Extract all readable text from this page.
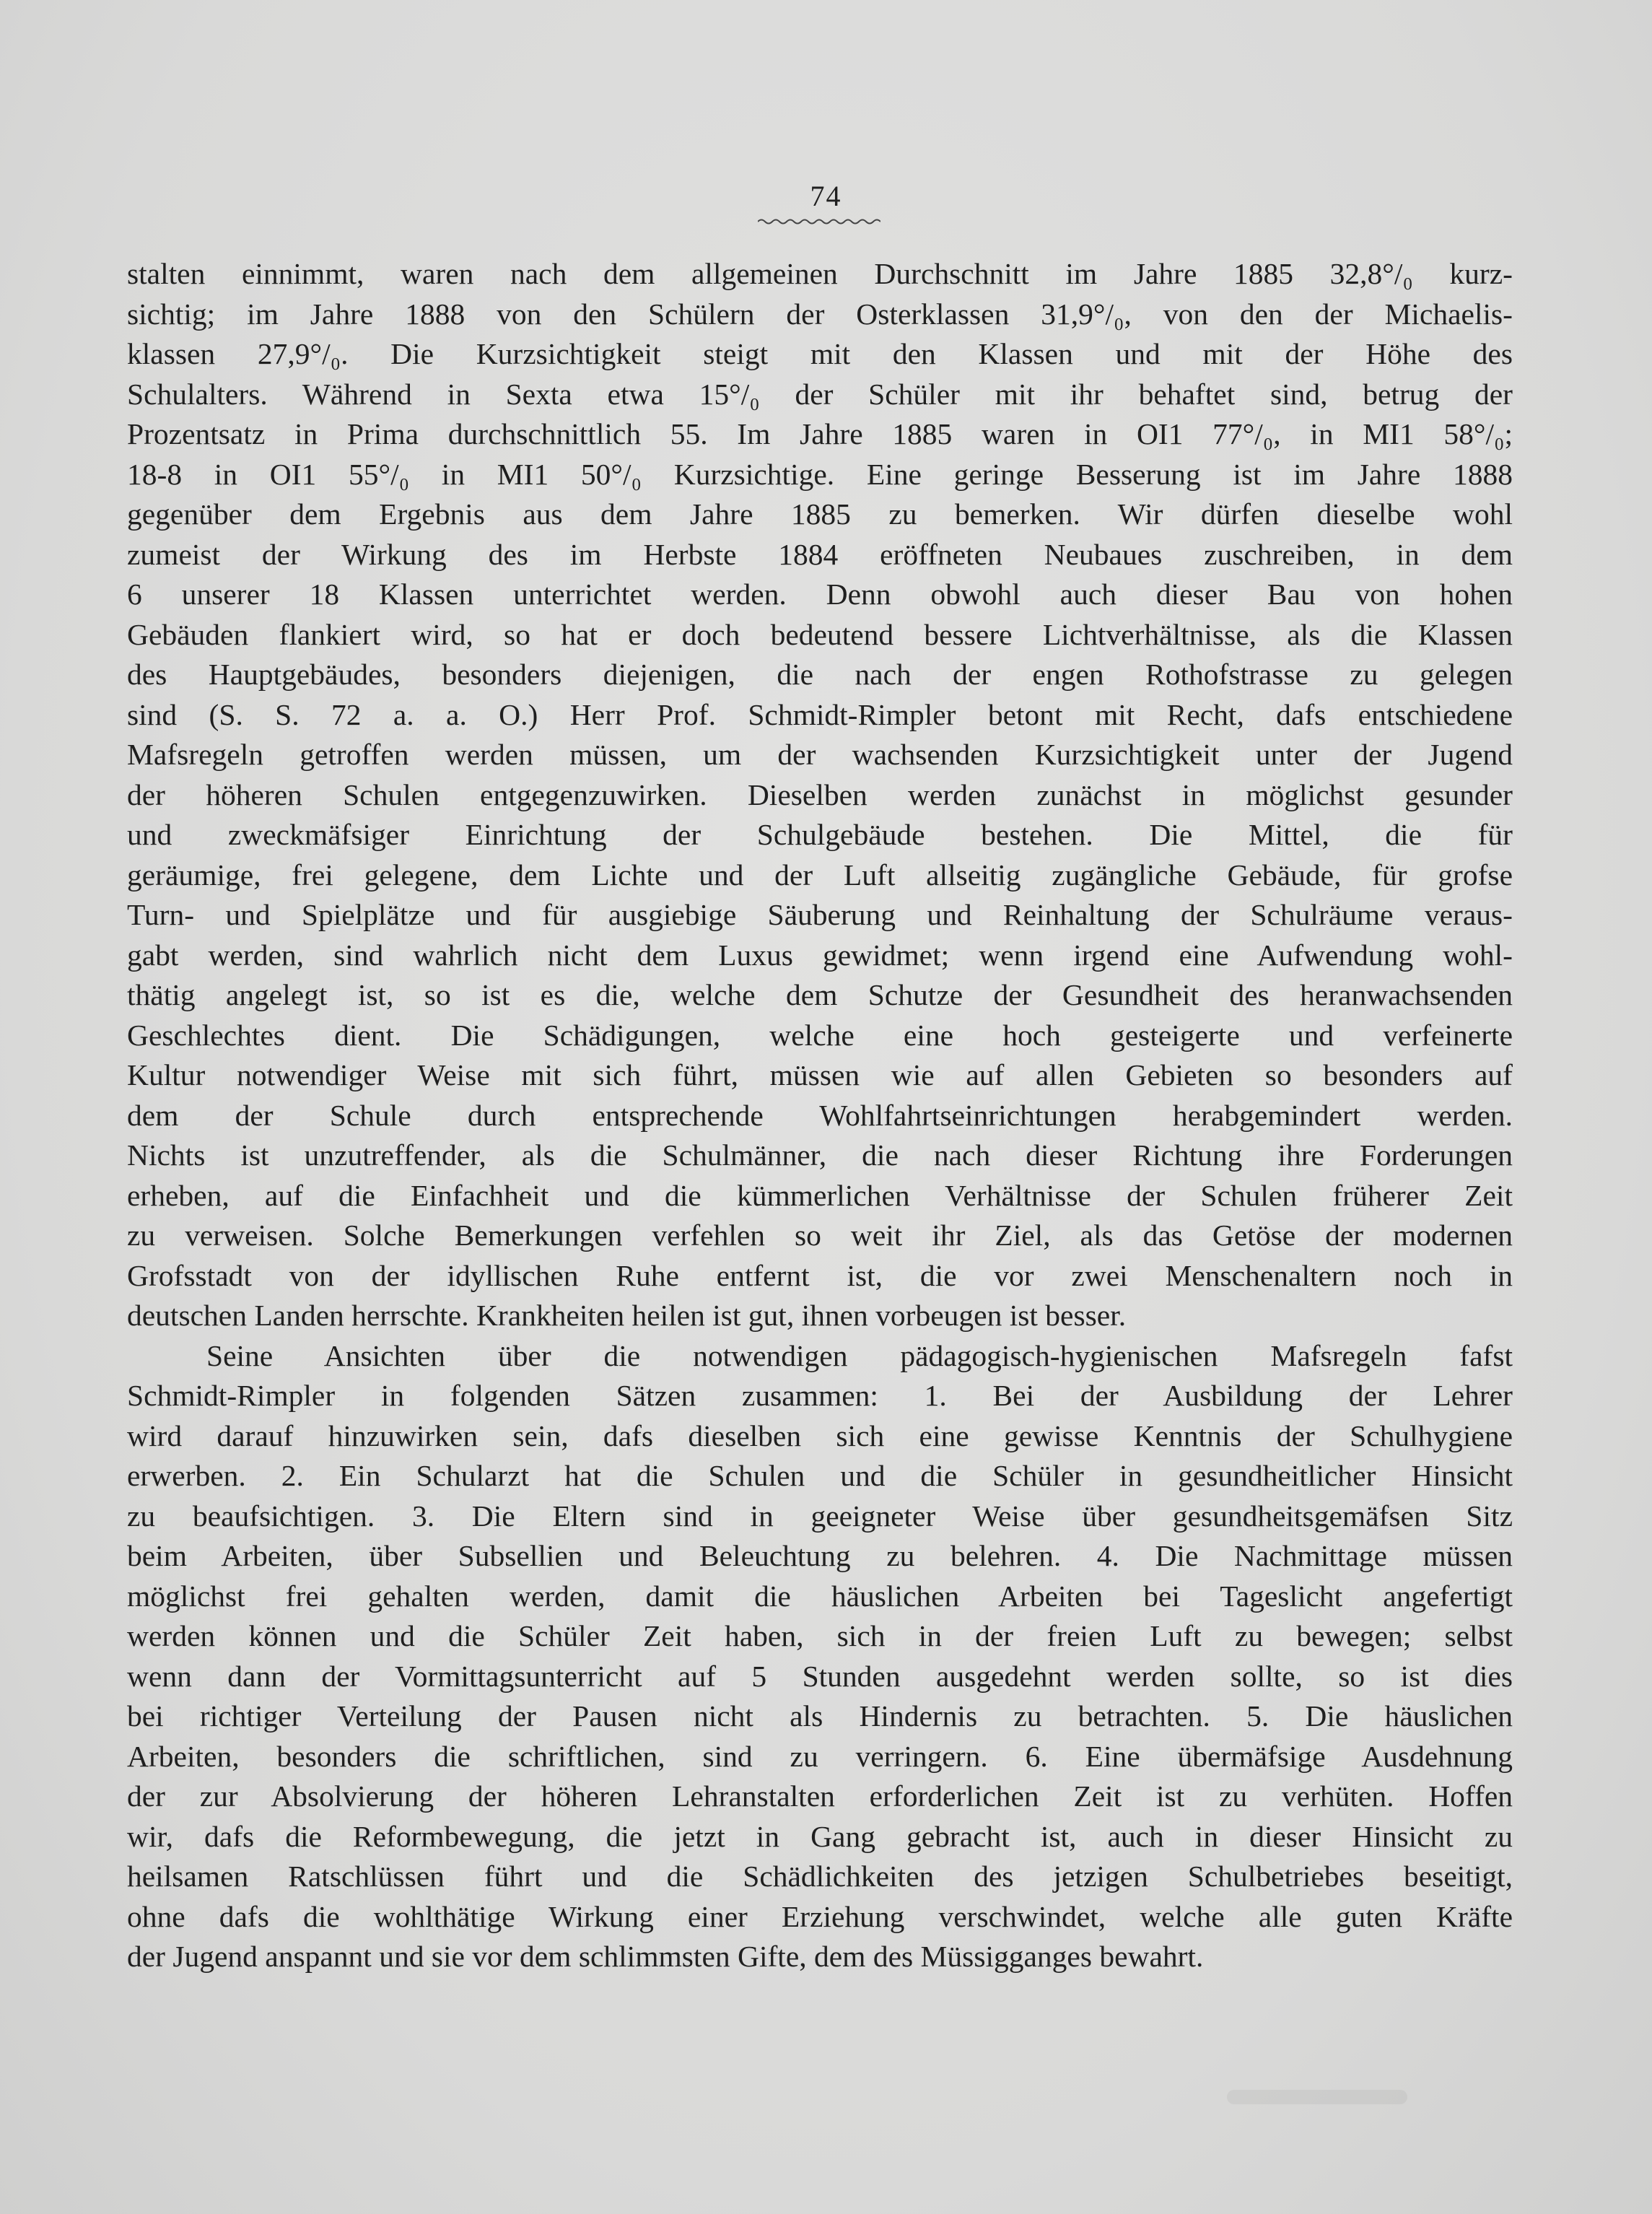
74
stalten einnimmt, waren nach dem allgemeinen Durchschnitt im Jahre 1885 32,8°/₀ kurz-
sichtig; im Jahre 1888 von den Schülern der Osterklassen 31,9°/₀, von den der Michaelis-
klassen 27,9°/₀. Die Kurzsichtigkeit steigt mit den Klassen und mit der Höhe des
Schulalters. Während in Sexta etwa 15°/₀ der Schüler mit ihr behaftet sind, betrug der
Prozentsatz in Prima durchschnittlich 55. Im Jahre 1885 waren in OI1 77°/₀, in MI1 58°/₀;
18-8 in OI1 55°/₀ in MI1 50°/₀ Kurzsichtige. Eine geringe Besserung ist im Jahre 1888
gegenüber dem Ergebnis aus dem Jahre 1885 zu bemerken. Wir dürfen dieselbe wohl
zumeist der Wirkung des im Herbste 1884 eröffneten Neubaues zuschreiben, in dem
6 unserer 18 Klassen unterrichtet werden. Denn obwohl auch dieser Bau von hohen
Gebäuden flankiert wird, so hat er doch bedeutend bessere Lichtverhältnisse, als die Klassen
des Hauptgebäudes, besonders diejenigen, die nach der engen Rothofstrasse zu gelegen
sind (S. S. 72 a. a. O.) Herr Prof. Schmidt-Rimpler betont mit Recht, dafs entschiedene
Mafsregeln getroffen werden müssen, um der wachsenden Kurzsichtigkeit unter der Jugend
der höheren Schulen entgegenzuwirken. Dieselben werden zunächst in möglichst gesunder
und zweckmäfsiger Einrichtung der Schulgebäude bestehen. Die Mittel, die für
geräumige, frei gelegene, dem Lichte und der Luft allseitig zugängliche Gebäude, für grofse
Turn- und Spielplätze und für ausgiebige Säuberung und Reinhaltung der Schulräume veraus-
gabt werden, sind wahrlich nicht dem Luxus gewidmet; wenn irgend eine Aufwendung wohl-
thätig angelegt ist, so ist es die, welche dem Schutze der Gesundheit des heranwachsenden
Geschlechtes dient. Die Schädigungen, welche eine hoch gesteigerte und verfeinerte
Kultur notwendiger Weise mit sich führt, müssen wie auf allen Gebieten so besonders auf
dem der Schule durch entsprechende Wohlfahrtseinrichtungen herabgemindert werden.
Nichts ist unzutreffender, als die Schulmänner, die nach dieser Richtung ihre Forderungen
erheben, auf die Einfachheit und die kümmerlichen Verhältnisse der Schulen früherer Zeit
zu verweisen. Solche Bemerkungen verfehlen so weit ihr Ziel, als das Getöse der modernen
Grofsstadt von der idyllischen Ruhe entfernt ist, die vor zwei Menschenaltern noch in
deutschen Landen herrschte. Krankheiten heilen ist gut, ihnen vorbeugen ist besser.
Seine Ansichten über die notwendigen pädagogisch-hygienischen Mafsregeln fafst
Schmidt-Rimpler in folgenden Sätzen zusammen: 1. Bei der Ausbildung der Lehrer
wird darauf hinzuwirken sein, dafs dieselben sich eine gewisse Kenntnis der Schulhygiene
erwerben. 2. Ein Schularzt hat die Schulen und die Schüler in gesundheitlicher Hinsicht
zu beaufsichtigen. 3. Die Eltern sind in geeigneter Weise über gesundheitsgemäfsen Sitz
beim Arbeiten, über Subsellien und Beleuchtung zu belehren. 4. Die Nachmittage müssen
möglichst frei gehalten werden, damit die häuslichen Arbeiten bei Tageslicht angefertigt
werden können und die Schüler Zeit haben, sich in der freien Luft zu bewegen; selbst
wenn dann der Vormittagsunterricht auf 5 Stunden ausgedehnt werden sollte, so ist dies
bei richtiger Verteilung der Pausen nicht als Hindernis zu betrachten. 5. Die häuslichen
Arbeiten, besonders die schriftlichen, sind zu verringern. 6. Eine übermäfsige Ausdehnung
der zur Absolvierung der höheren Lehranstalten erforderlichen Zeit ist zu verhüten. Hoffen
wir, dafs die Reformbewegung, die jetzt in Gang gebracht ist, auch in dieser Hinsicht zu
heilsamen Ratschlüssen führt und die Schädlichkeiten des jetzigen Schulbetriebes beseitigt,
ohne dafs die wohlthätige Wirkung einer Erziehung verschwindet, welche alle guten Kräfte
der Jugend anspannt und sie vor dem schlimmsten Gifte, dem des Müssigganges bewahrt.
